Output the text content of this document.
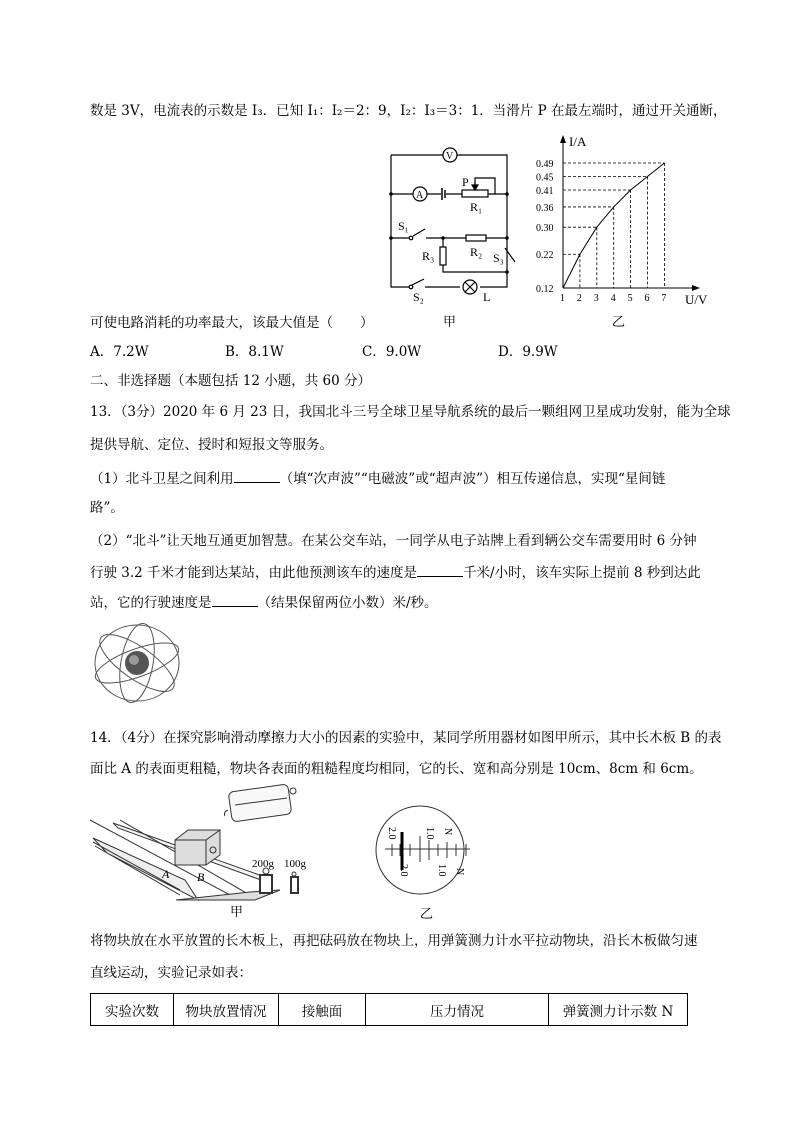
数是 3V，电流表的示数是 I₃．已知 I₁：I₂＝2：9，I₂：I₃＝3：1．当滑片 P 在最左端时，通过开关通断，
V
A
P
R₁
S₁
R₂
R₃	S₃
S₂	L
甲
I/A
U/V
0.12
1
0.22
2
0.30
3
0.36
4
0.41
5
0.45
6
0.49
7
乙
可使电路消耗的功率最大，该最大值是（　　）
A．7.2W	B．8.1W	C．9.0W	D．9.9W
二、非选择题（本题包括 12 小题，共 60 分）
13．（3分）2020 年 6 月 23 日，我国北斗三号全球卫星导航系统的最后一颗组网卫星成功发射，能为全球
提供导航、定位、授时和短报文等服务。
（1）北斗卫星之间利用	（填“次声波”“电磁波”或“超声波”）相互传递信息，实现“星间链
路”。
（2）“北斗”让天地互通更加智慧。在某公交车站，一同学从电子站牌上看到辆公交车需要用时 6 分钟
行驶 3.2 千米才能到达某站，由此他预测该车的速度是	千米/小时，该车实际上提前 8 秒到达此
站，它的行驶速度是	（结果保留两位小数）米/秒。
14．（4分）在探究影响滑动摩擦力大小的因素的实验中，某同学所用器材如图甲所示，其中长木板 B 的表
面比 A 的表面更粗糙，物块各表面的粗糙程度均相同，它的长、宽和高分别是 10cm、8cm 和 6cm。
A B
200g 100g
甲	乙
N
1.0
2.0
N
1.0
2.0
将物块放在水平放置的长木板上，再把砝码放在物块上，用弹簧测力计水平拉动物块，沿长木板做匀速
直线运动，实验记录如表：
实验次数	物块放置情况	接触面	压力情况	弹簧测力计示数 N
